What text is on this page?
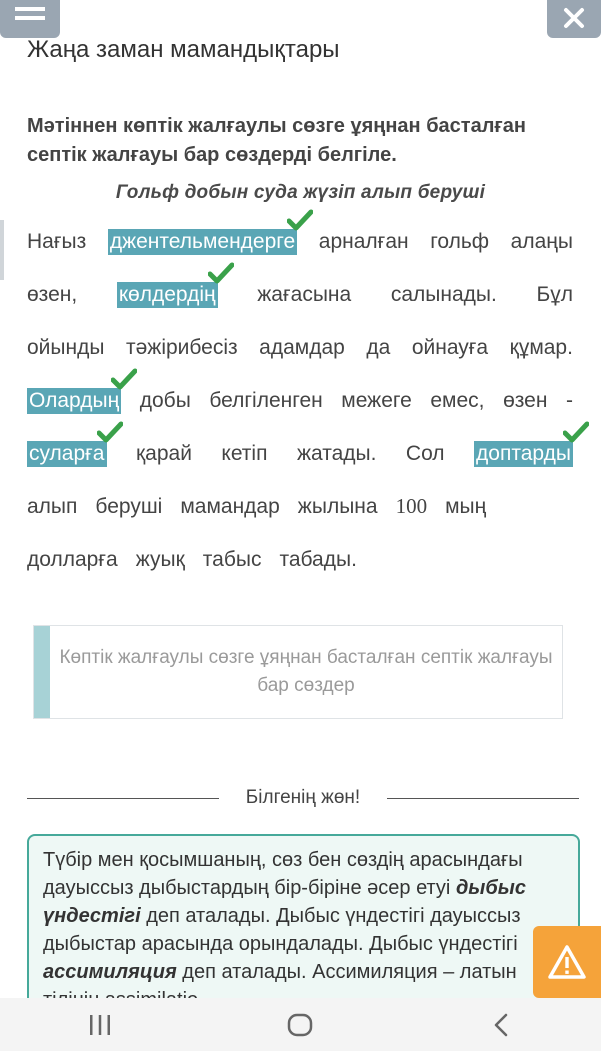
Жаңа заман мамандықтары
Мәтіннен көптік жалғаулы сөзге ұяңнан басталған септік жалғауы бар сөздерді белгіле.
Гольф добын суда жүзіп алып беруші
Нағыз джентельмендерге арналған гольф алаңы
өзен, көлдердің жағасына салынады. Бұл
ойынды тәжірибесіз адамдар да ойнауға құмар.
Олардың добы белгіленген межеге емес, өзен -
суларға қарай кетіп жатады. Сол доптарды
алып беруші мамандар жылына 100 мың
долларға жуық табыс табады.
Көптік жалғаулы сөзге ұяңнан басталған септік жалғауы бар сөздер
Білгенің жөн!
Түбір мен қосымшаның, сөз бен сөздің арасындағы дауыссыз дыбыстардың бір-біріне әсер етуі дыбыс үндестігі деп аталады. Дыбыс үндестігі дауыссыз дыбыстар арасында орындалады. Дыбыс үндестігі ассимиляция деп аталады. Ассимиляция – латын
